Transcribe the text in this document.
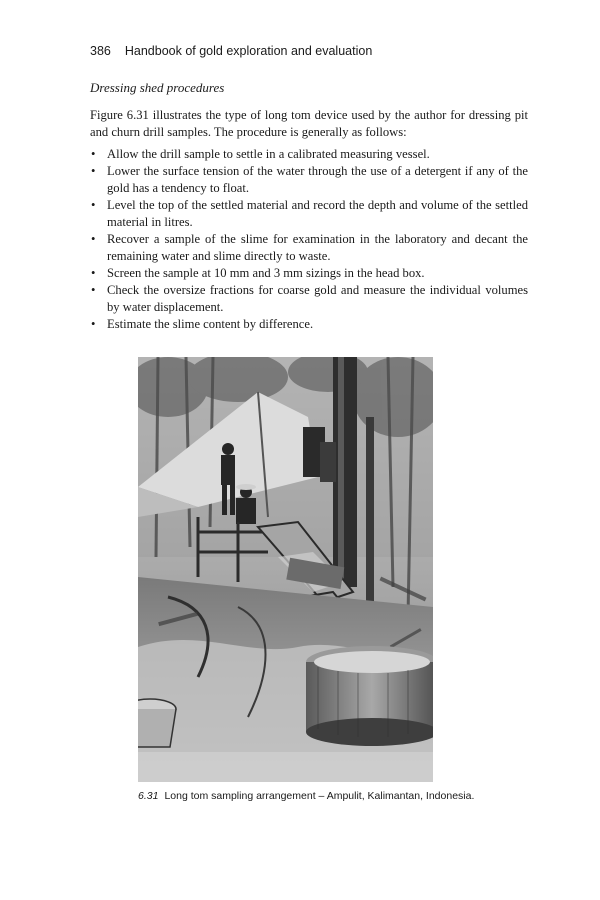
386 Handbook of gold exploration and evaluation
Dressing shed procedures

Figure 6.31 illustrates the type of long tom device used by the author for dressing pit and churn drill samples. The procedure is generally as follows:

• Allow the drill sample to settle in a calibrated measuring vessel.
• Lower the surface tension of the water through the use of a detergent if any of the gold has a tendency to float.
• Level the top of the settled material and record the depth and volume of the settled material in litres.
• Recover a sample of the slime for examination in the laboratory and decant the remaining water and slime directly to waste.
• Screen the sample at 10 mm and 3 mm sizings in the head box.
• Check the oversize fractions for coarse gold and measure the individual volumes by water displacement.
• Estimate the slime content by difference.
6.31 Long tom sampling arrangement – Ampulit, Kalimantan, Indonesia.
